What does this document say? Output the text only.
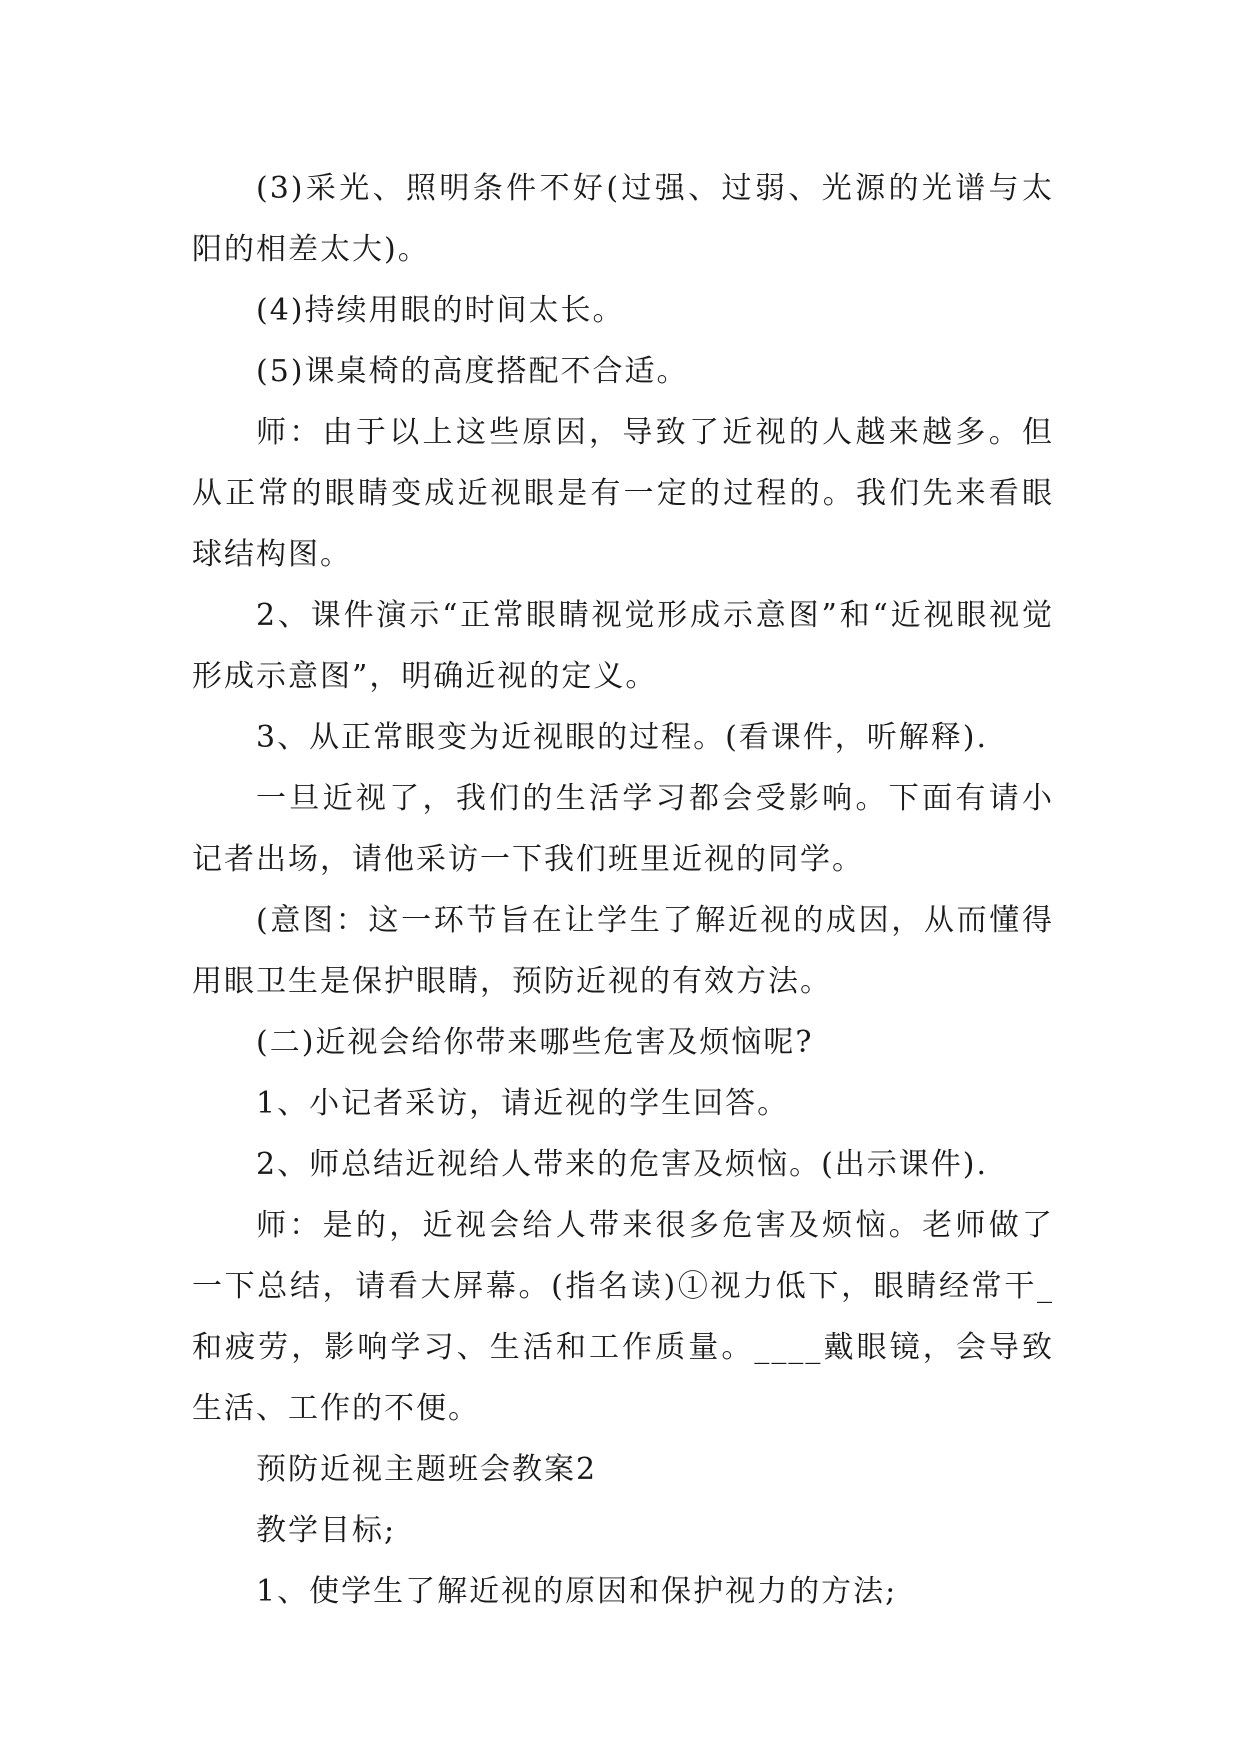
(3)采光、照明条件不好(过强、过弱、光源的光谱与太阳的相差太大)。

(4)持续用眼的时间太长。

(5)课桌椅的高度搭配不合适。

师：由于以上这些原因，导致了近视的人越来越多。但从正常的眼睛变成近视眼是有一定的过程的。我们先来看眼球结构图。

2、课件演示“正常眼睛视觉形成示意图”和“近视眼视觉形成示意图”，明确近视的定义。

3、从正常眼变为近视眼的过程。(看课件，听解释).

一旦近视了，我们的生活学习都会受影响。下面有请小记者出场，请他采访一下我们班里近视的同学。

(意图：这一环节旨在让学生了解近视的成因，从而懂得用眼卫生是保护眼睛，预防近视的有效方法。

(二)近视会给你带来哪些危害及烦恼呢?

1、小记者采访，请近视的学生回答。

2、师总结近视给人带来的危害及烦恼。(出示课件).

师：是的，近视会给人带来很多危害及烦恼。老师做了一下总结，请看大屏幕。(指名读)①视力低下，眼睛经常干_和疲劳，影响学习、生活和工作质量。____戴眼镜，会导致生活、工作的不便。

预防近视主题班会教案2

教学目标;

1、使学生了解近视的原因和保护视力的方法;
